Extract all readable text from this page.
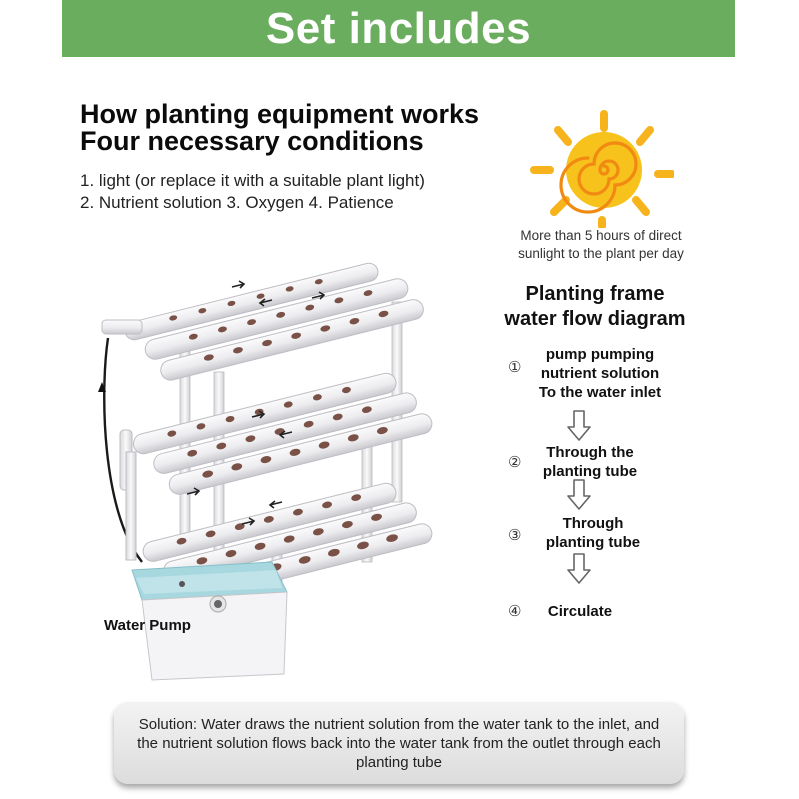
Set includes
How planting equipment works
Four necessary conditions
1. light (or replace it with a suitable plant light)
2. Nutrient solution 3. Oxygen 4. Patience
More than 5 hours of direct
sunlight to the plant per day
Planting frame
water flow diagram
①
pump pumping
nutrient solution
To the water inlet
②
Through the
planting tube
③
Through
planting tube
④	Circulate
Water Pump
Solution: Water draws the nutrient solution from the water tank to the inlet, and the nutrient solution flows back into the water tank from the outlet through each planting tube
